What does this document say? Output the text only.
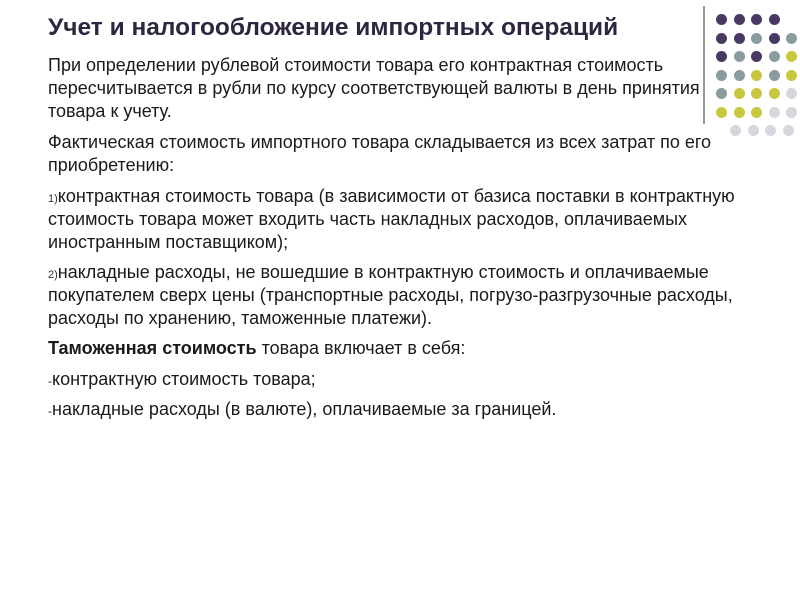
Учет и налогообложение импортных операций

При определении рублевой стоимости товара его контрактная стоимость пересчитывается в рубли по курсу соответствующей валюты в день принятия товара к учету.

Фактическая стоимость импортного товара складывается из всех затрат по его приобретению:

1)контрактная стоимость товара (в зависимости от базиса поставки в контрактную стоимость товара может входить часть накладных расходов, оплачиваемых иностранным поставщиком);

2)накладные расходы, не вошедшие в контрактную стоимость и оплачиваемые покупателем сверх цены (транспортные расходы, погрузо-разгрузочные расходы, расходы по хранению, таможенные платежи).

Таможенная стоимость товара включает в себя:

-контрактную стоимость товара;

-накладные расходы (в валюте), оплачиваемые за границей.
